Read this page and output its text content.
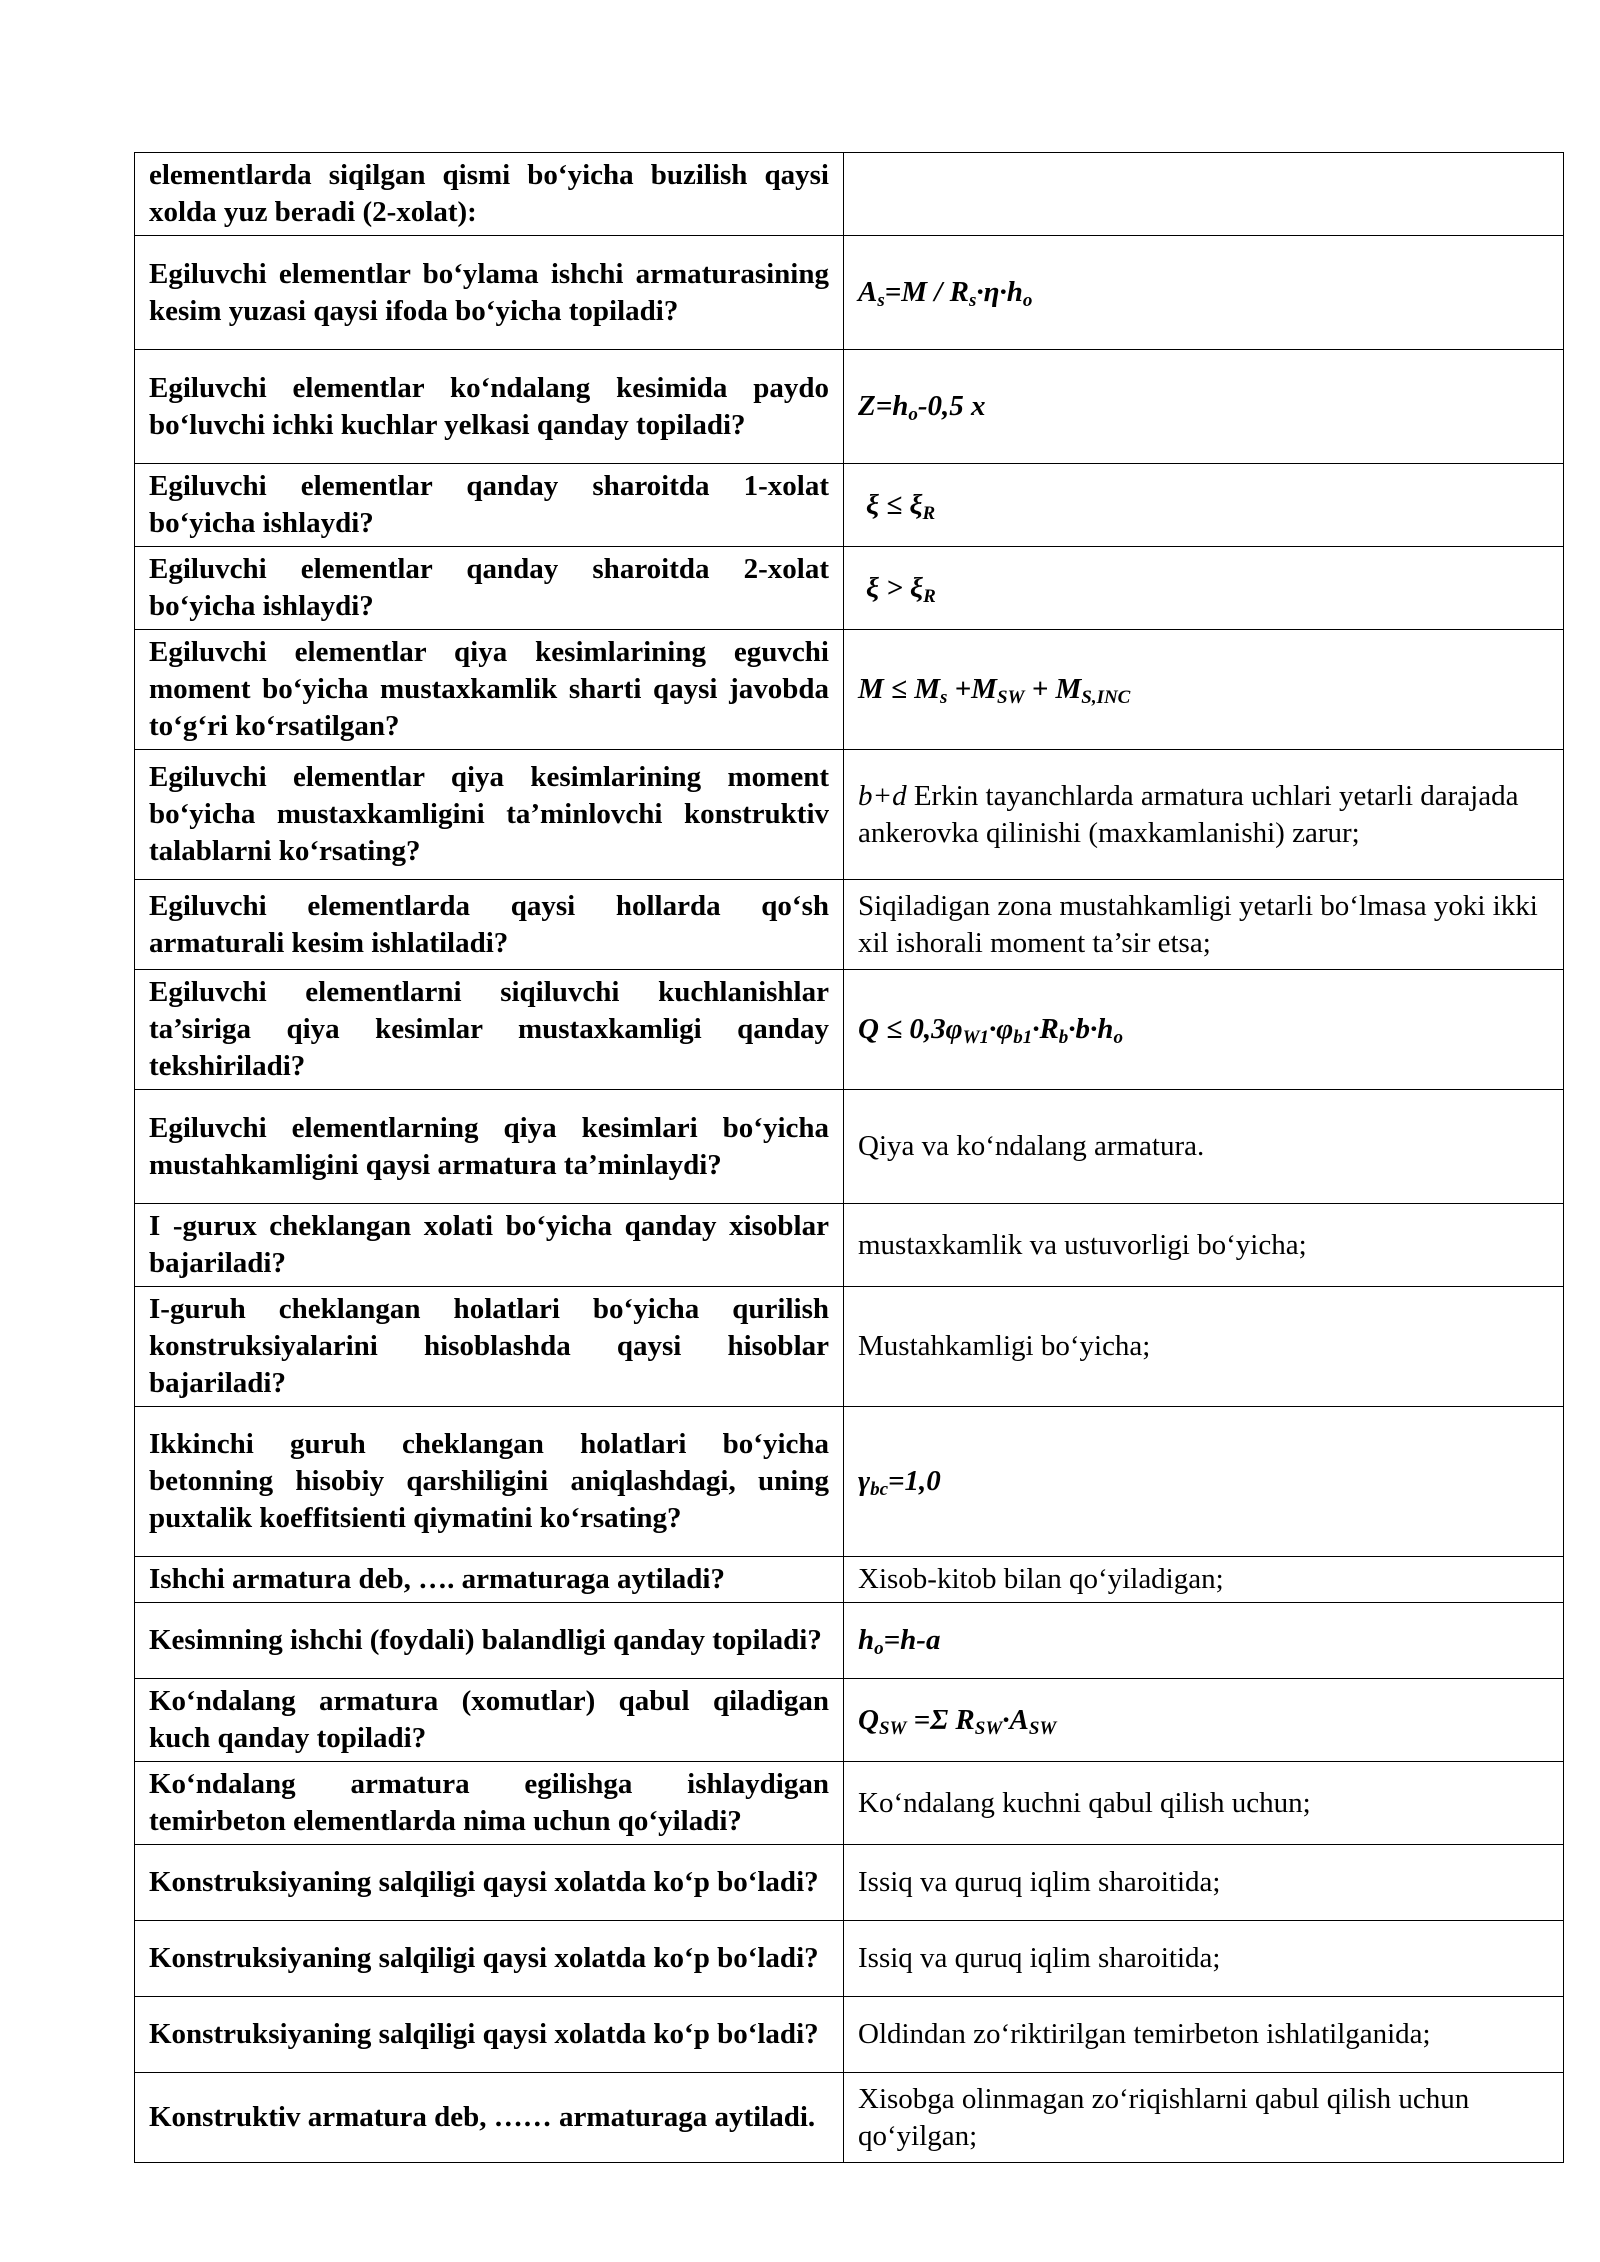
elementlarda siqilgan qismi bo‘yicha buzilish qaysi xolda yuz beradi (2-xolat):	
Egiluvchi elementlar bo‘ylama ishchi armaturasining kesim yuzasi qaysi ifoda bo‘yicha topiladi?	$A_s=M / R_s\cdot\eta\cdot h_o$
Egiluvchi elementlar ko‘ndalang kesimida paydo bo‘luvchi ichki kuchlar yelkasi qanday topiladi?	$Z=h_o-0,5$ x
Egiluvchi elementlar qanday sharoitda 1-xolat bo‘yicha ishlaydi?	$\xi \le \xi_R$
Egiluvchi elementlar qanday sharoitda 2-xolat bo‘yicha ishlaydi?	$\xi > \xi_R$
Egiluvchi elementlar qiya kesimlarining eguvchi moment bo‘yicha mustaxkamlik sharti qaysi javobda to‘g‘ri ko‘rsatilgan?	$M \le M_s +M_{SW} + M_{S,INC}$
Egiluvchi elementlar qiya kesimlarining moment bo‘yicha mustaxkamligini ta’minlovchi konstruktiv talablarni ko‘rsating?	b+d Erkin tayanchlarda armatura uchlari yetarli darajada ankerovka qilinishi (maxkamlanishi) zarur;
Egiluvchi elementlarda qaysi hollarda qo‘sh armaturali kesim ishlatiladi?	Siqiladigan zona mustahkamligi yetarli bo‘lmasa yoki ikki xil ishorali moment ta’sir etsa;
Egiluvchi elementlarni siqiluvchi kuchlanishlar ta’siriga qiya kesimlar mustaxkamligi qanday tekshiriladi?	$Q \le 0,3\varphi_{W1}\cdot\varphi_{b1}\cdot R_b\cdot b\cdot h_o$
Egiluvchi elementlarning qiya kesimlari bo‘yicha mustahkamligini qaysi armatura ta’minlaydi?	Qiya va ko‘ndalang armatura.
I -gurux cheklangan xolati bo‘yicha qanday xisoblar bajariladi?	mustaxkamlik va ustuvorligi bo‘yicha;
I-guruh cheklangan holatlari bo‘yicha qurilish konstruksiyalarini hisoblashda qaysi hisoblar bajariladi?	Mustahkamligi bo‘yicha;
Ikkinchi guruh cheklangan holatlari bo‘yicha betonning hisobiy qarshiligini aniqlashdagi, uning puxtalik koeffitsienti qiymatini ko‘rsating?	$\gamma_{bc}=1,0$
Ishchi armatura deb, …. armaturaga aytiladi?	Xisob-kitob bilan qo‘yiladigan;
Kesimning ishchi (foydali) balandligi qanday topiladi?	$h_o=h-a$
Ko‘ndalang armatura (xomutlar) qabul qiladigan kuch qanday topiladi?	$Q_{SW} =\Sigma$ $R_{SW}\cdot A_{SW}$
Ko‘ndalang armatura egilishga ishlaydigan temirbeton elementlarda nima uchun qo‘yiladi?	Ko‘ndalang kuchni qabul qilish uchun;
Konstruksiyaning salqiligi qaysi xolatda ko‘p bo‘ladi?	Issiq va quruq iqlim sharoitida;
Konstruksiyaning salqiligi qaysi xolatda ko‘p bo‘ladi?	Issiq va quruq iqlim sharoitida;
Konstruksiyaning salqiligi qaysi xolatda ko‘p bo‘ladi?	Oldindan zo‘riktirilgan temirbeton ishlatilganida;
Konstruktiv armatura deb, …… armaturaga aytiladi.	Xisobga olinmagan zo‘riqishlarni qabul qilish uchun qo‘yilgan;
